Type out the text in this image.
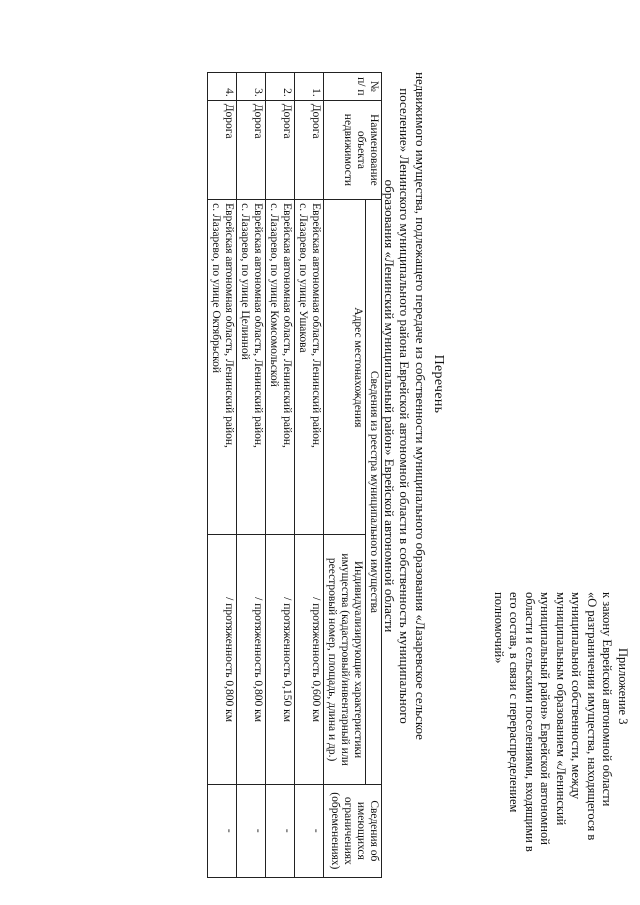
Приложение 3
к закону Еврейской автономной области
«О разграничении имущества, находящегося в
муниципальной собственности, между
муниципальным образованием «Ленинский
муниципальный район» Еврейской автономной
области и сельскими поселениями, входящими в
его состав, в связи с перераспределением
полномочий»
Перечень
недвижимого имущества, подлежащего передаче из собственности муниципального образования «Лазаревское сельское
поселение» Ленинского муниципального района Еврейской автономной области в собственность муниципального
образования «Ленинский муниципальный район» Еврейской автономной области
№ п/ п	Наименование объекта недвижимости	Сведения из реестра муниципального имущества		Сведения об имеющихся ограничениях (обременениях)
		Адрес местонахождения	Индивидуализирующие характеристики имущества (кадастровый/инвентарный или реестровый номер, площадь, длина и др.)	
1.	Дорога	Еврейская автономная область, Ленинский район,
с. Лазарево, по улице Ушакова	/ протяженность 0,600 км	-
2.	Дорога	Еврейская автономная область, Ленинский район,
с. Лазарево, по улице Комсомольской	/ протяженность 0,150 км	-
3.	Дорога	Еврейская автономная область, Ленинский район,
с. Лазарево, по улице Целинной	/ протяженность 0,800 км	-
4.	Дорога	Еврейская автономная область, Ленинский район,
с. Лазарево, по улице Октябрьской	/ протяженность 0,800 км	-
